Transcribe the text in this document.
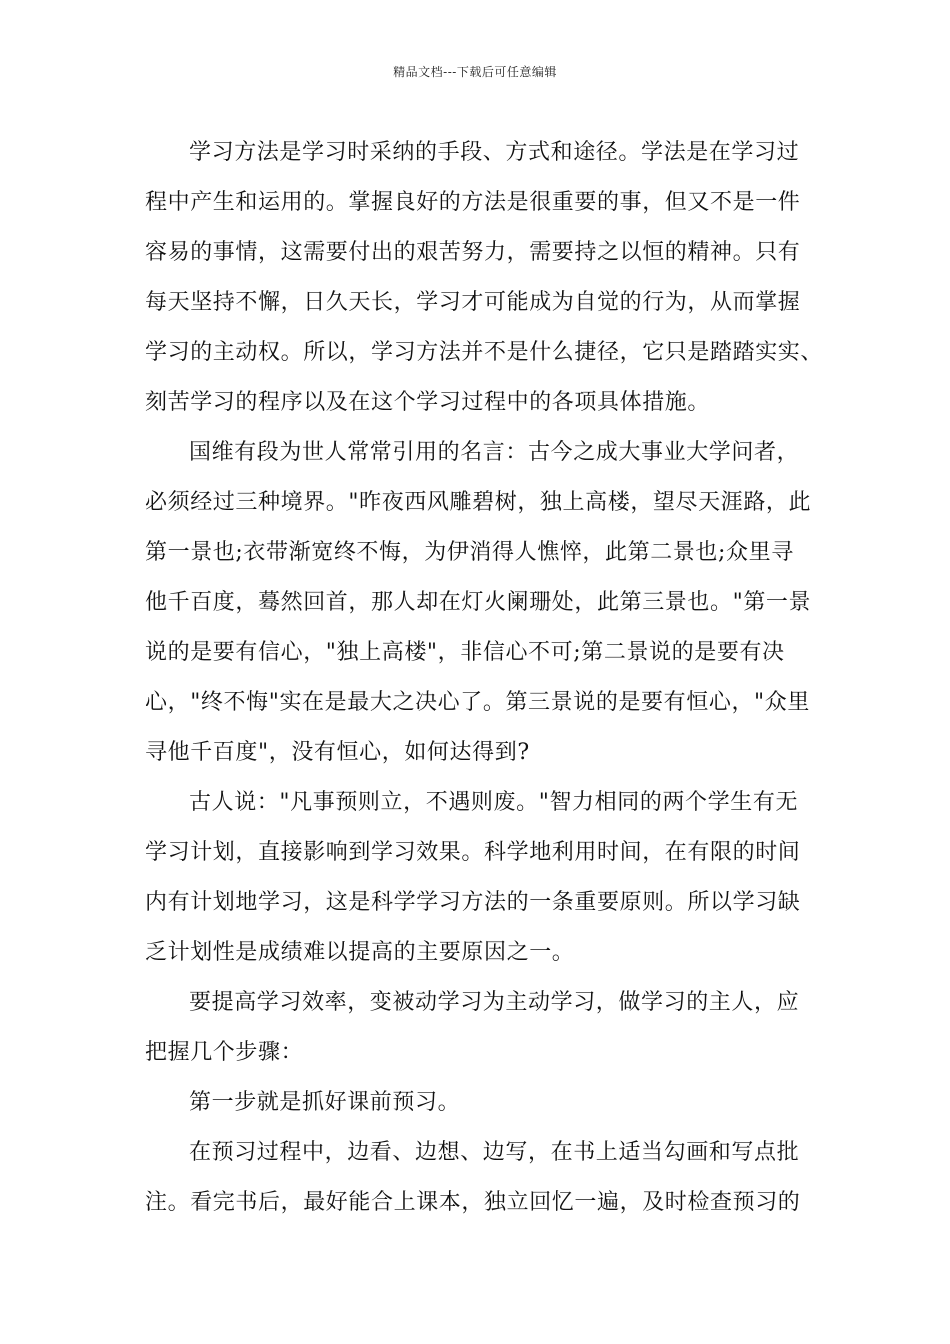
精品文档---下载后可任意编辑
学习方法是学习时采纳的手段、方式和途径。学法是在学习过
程中产生和运用的。掌握良好的方法是很重要的事，但又不是一件
容易的事情，这需要付出的艰苦努力，需要持之以恒的精神。只有
每天坚持不懈，日久天长，学习才可能成为自觉的行为，从而掌握
学习的主动权。所以，学习方法并不是什么捷径，它只是踏踏实实、
刻苦学习的程序以及在这个学习过程中的各项具体措施。
国维有段为世人常常引用的名言：古今之成大事业大学问者，
必须经过三种境界。"昨夜西风雕碧树，独上高楼，望尽天涯路，此
第一景也;衣带渐宽终不悔，为伊消得人憔悴，此第二景也;众里寻
他千百度，蓦然回首，那人却在灯火阑珊处，此第三景也。"第一景
说的是要有信心，"独上高楼"，非信心不可;第二景说的是要有决
心，"终不悔"实在是最大之决心了。第三景说的是要有恒心，"众里
寻他千百度"，没有恒心，如何达得到?
古人说："凡事预则立，不遇则废。"智力相同的两个学生有无
学习计划，直接影响到学习效果。科学地利用时间，在有限的时间
内有计划地学习，这是科学学习方法的一条重要原则。所以学习缺
乏计划性是成绩难以提高的主要原因之一。
要提高学习效率，变被动学习为主动学习，做学习的主人，应
把握几个步骤：
第一步就是抓好课前预习。
在预习过程中，边看、边想、边写，在书上适当勾画和写点批
注。看完书后，最好能合上课本，独立回忆一遍，及时检查预习的
